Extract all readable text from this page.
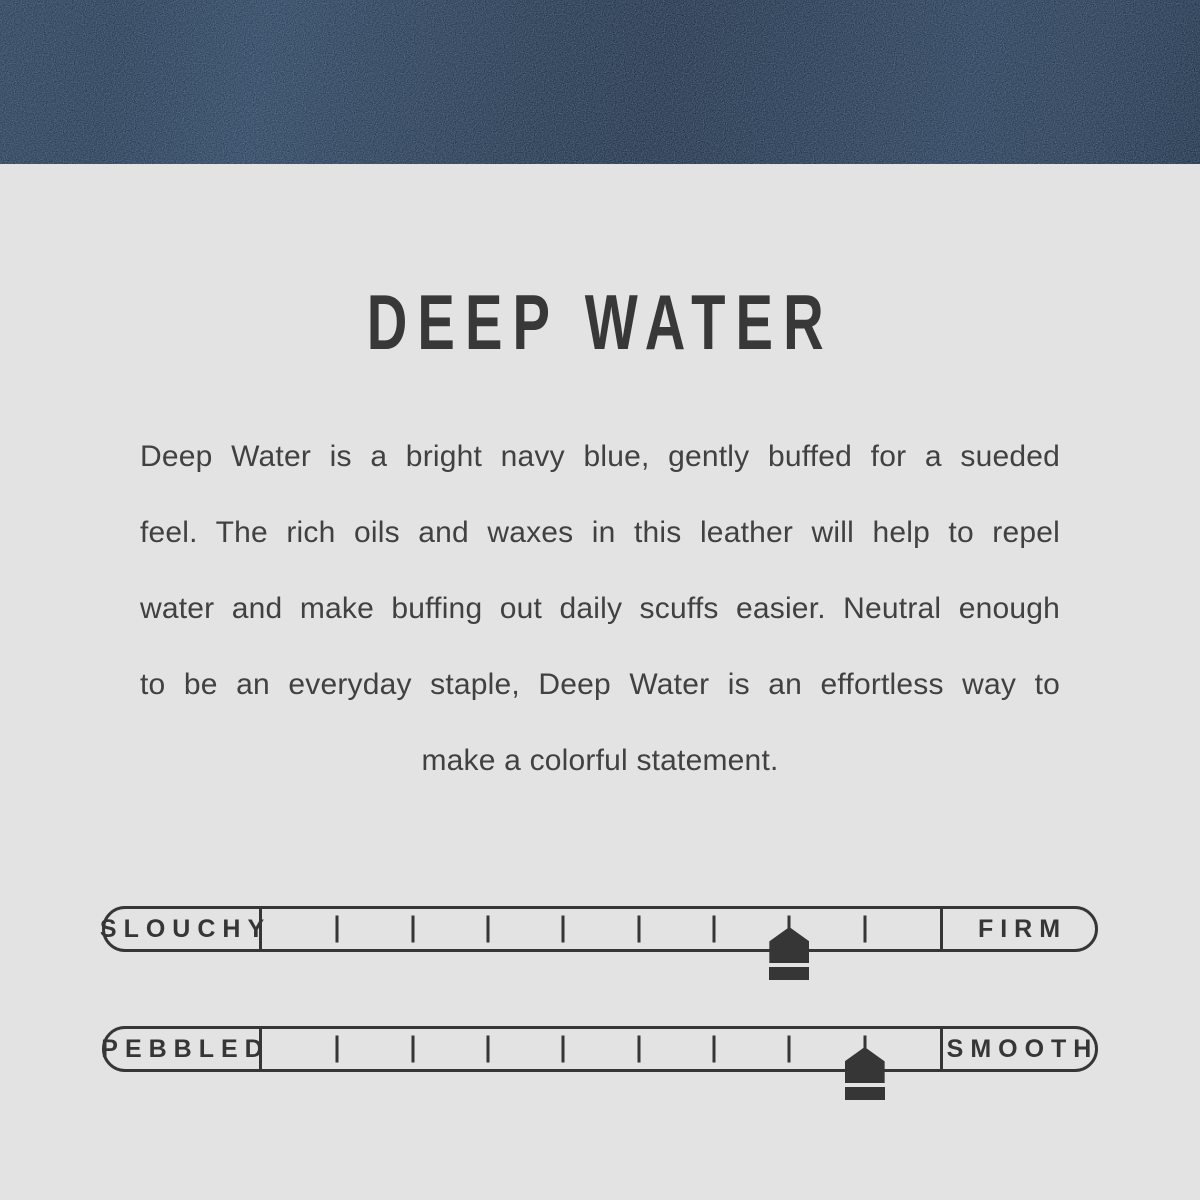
DEEP WATER
Deep Water is a bright navy blue, gently buffed for a sueded
feel. The rich oils and waxes in this leather will help to repel
water and make buffing out daily scuffs easier. Neutral enough
to be an everyday staple, Deep Water is an effortless way to
make a colorful statement.
SLOUCHY	FIRM
PEBBLED	SMOOTH
